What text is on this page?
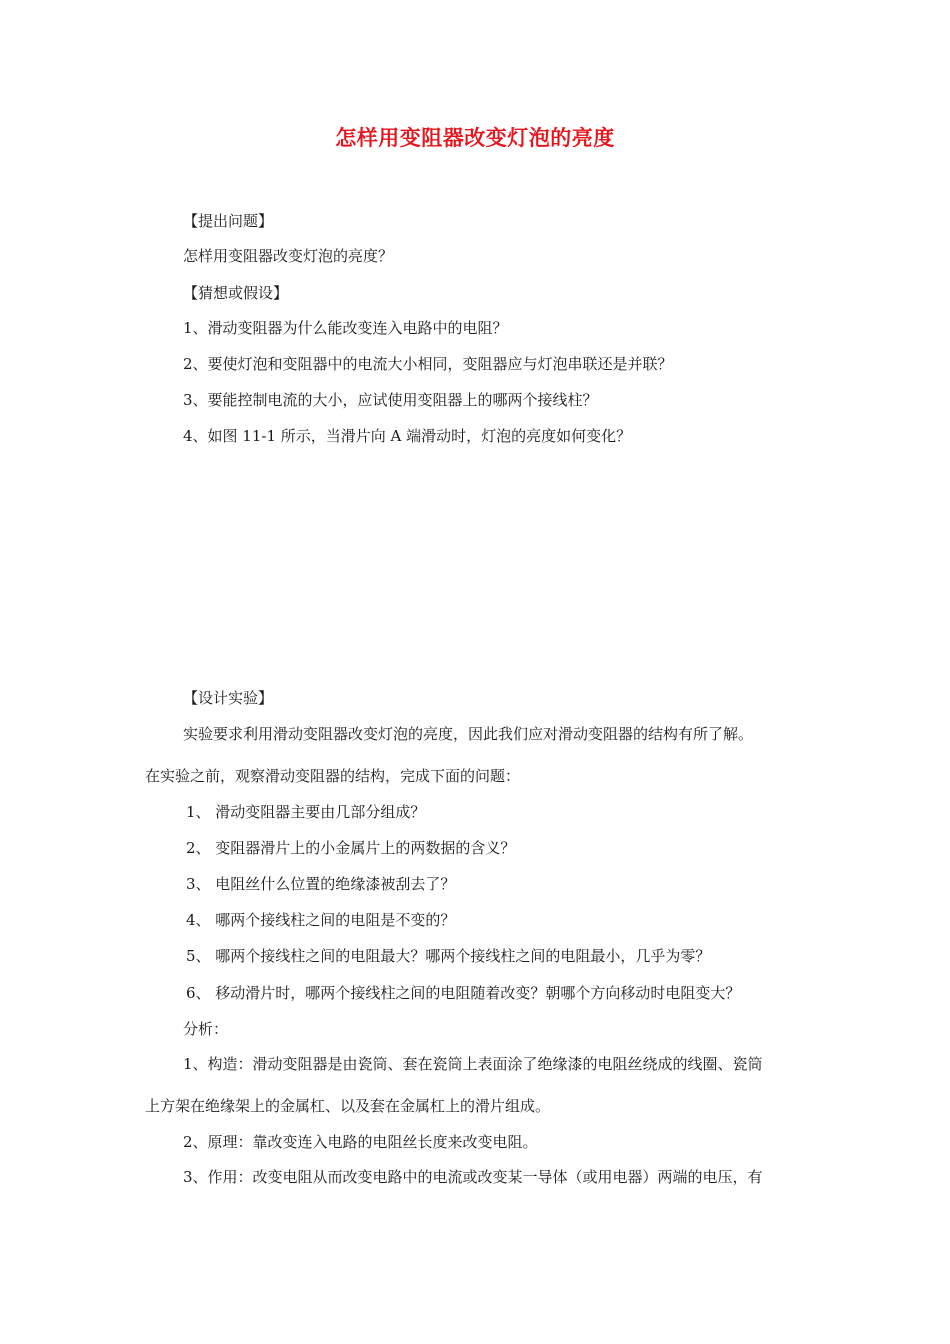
怎样用变阻器改变灯泡的亮度
【提出问题】
怎样用变阻器改变灯泡的亮度？
【猜想或假设】
1、滑动变阻器为什么能改变连入电路中的电阻？
2、要使灯泡和变阻器中的电流大小相同，变阻器应与灯泡串联还是并联？
3、要能控制电流的大小，应试使用变阻器上的哪两个接线柱？
4、如图 11-1 所示，当滑片向 A 端滑动时，灯泡的亮度如何变化？
【设计实验】
实验要求利用滑动变阻器改变灯泡的亮度，因此我们应对滑动变阻器的结构有所了解。
在实验之前，观察滑动变阻器的结构，完成下面的问题：
1、 滑动变阻器主要由几部分组成？
2、 变阻器滑片上的小金属片上的两数据的含义？
3、 电阻丝什么位置的绝缘漆被刮去了？
4、 哪两个接线柱之间的电阻是不变的？
5、 哪两个接线柱之间的电阻最大？哪两个接线柱之间的电阻最小，几乎为零？
6、 移动滑片时，哪两个接线柱之间的电阻随着改变？朝哪个方向移动时电阻变大？
分析：
1、构造：滑动变阻器是由瓷筒、套在瓷筒上表面涂了绝缘漆的电阻丝绕成的线圈、瓷筒
上方架在绝缘架上的金属杠、以及套在金属杠上的滑片组成。
2、原理：靠改变连入电路的电阻丝长度来改变电阻。
3、作用：改变电阻从而改变电路中的电流或改变某一导体（或用电器）两端的电压，有
